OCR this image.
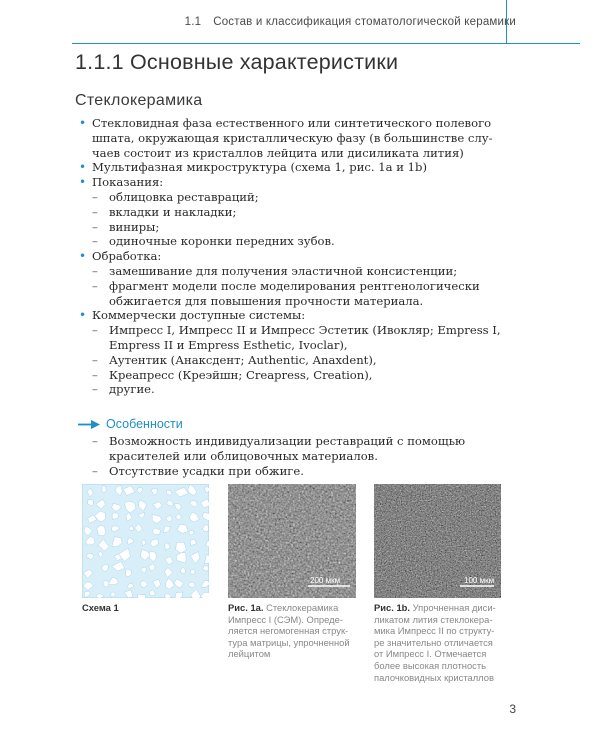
1.1 Состав и классификация стоматологической керамики
1.1.1 Основные характеристики
Стеклокерамика
• Стекловидная фаза естественного или синтетического полевого
шпата, окружающая кристаллическую фазу (в большинстве слу-
чаев состоит из кристаллов лейцита или дисиликата лития)
• Мультифазная микроструктура (схема 1, рис. 1а и 1b)
• Показания:
– облицовка реставраций;
– вкладки и накладки;
– виниры;
– одиночные коронки передних зубов.
• Обработка:
– замешивание для получения эластичной консистенции;
– фрагмент модели после моделирования рентгенологически
обжигается для повышения прочности материала.
• Коммерчески доступные системы:
– Импресс I, Импресс II и Импресс Эстетик (Ивокляр; Empress I,
Empress II и Empress Esthetic, Ivoclar),
– Аутентик (Анаксдент; Authentic, Anaxdent),
– Креапресс (Креэйшн; Creapress, Creation),
– другие.
Особенности
– Возможность индивидуализации реставраций с помощью
красителей или облицовочных материалов.
– Отсутствие усадки при обжиге.
200 мкм	100 мкм
Схема 1	Рис. 1a. Стеклокерамика
Импресс I (СЭМ). Опреде-
ляется негомогенная струк-
тура матрицы, упрочненной
лейцитом
Рис. 1b. Упрочненная диси-
ликатом лития стеклокера-
мика Импресс II по структу-
ре значительно отличается
от Импресс I. Отмечается
более высокая плотность
палочковидных кристаллов
3
